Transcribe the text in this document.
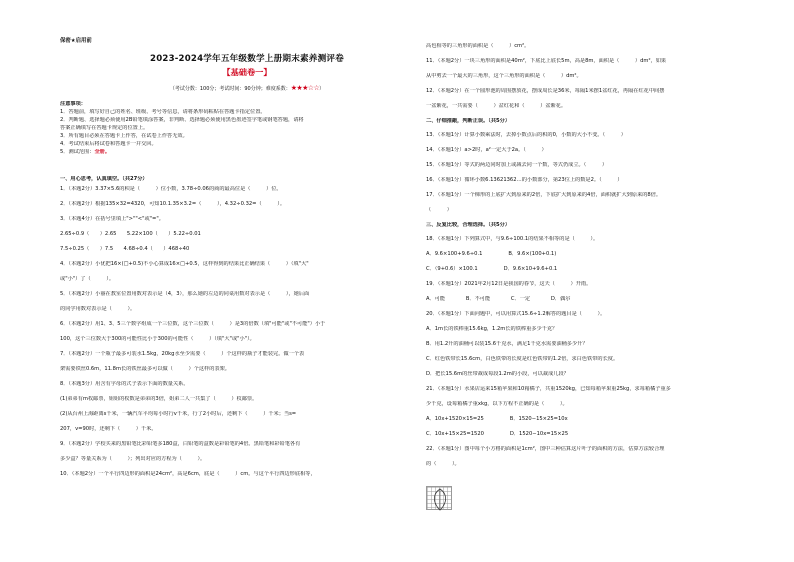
保密★启用前
2023-2024学年五年级数学上册期末素养测评卷
【基础卷一】
（考试分数：100分；考试时间：90分钟；难度系数：★★★☆☆）
注意事项：
1．答题前，填写好自己的姓名、班级、考号等信息，请将条形码粘贴在答题卡指定位置。
2．判断题、选择题必须使用2B铅笔填涂答案，非判断、选择题必须使用黑色墨迹签字笔或钢笔答题，请将
答案正确填写在答题卡规定的位置上。
3．所有题目必须在答题卡上作答，在试卷上作答无效。
4．考试结束后将试卷和答题卡一并交回。
5．测试范围：全册。
一、用心思考，认真填空。（共27分）
1．（本题2分）3.37×5.6的积是（　　　）位小数，3.78÷0.06的商的最高位是（　　　）位。
2．（本题2分）根据135×32=4320，可知10.1.35×3.2=（　　　），4.32÷0.32=（　　　）。
3．（本题4分）在括号里填上">""<"或"="。
2.65÷0.9（　　）2.65　　5.22×100（　　）5.22÷0.01
7.5÷0.25（　　）7.5　　4.68÷0.4（　　）468÷40
4．（本题2分）小优把16×(□+0.5)不小心算成16×□+0.5，这样得到的结果比正确结果（　　　）（填"大"
或"小"）了（　　　）。
5．（本题2分）小丽在教室位置用数对表示是（4，3），那么她的左边的同桌用数对表示是（　　　），她后面
的同学用数对表示是（　　　）。
6．（本题2分）用1、3、5三个数字组成一个三位数，这个三位数（　　　）是3的倍数（填"可能"或"不可能"）小于
100，这个三位数大于300的可能性比小于300的可能性（　　　）（填"大"或"小"）。
7．（本题2分）一个瓶子最多可装水1.5kg，20kg水至少需要（　　　）个这样的瓶子才能装完。做一个表
架需要铁丝0.6m，11.8m长的铁丝最多可以做（　　　）个这样的表架。
8．（本题3分）用含有字母的式子表示下面的数量关系。
(1)弟弟有m枚邮票，姐姐的枚数是弟弟的3倍，姐弟二人一共集了（　　　）枚邮票。
(2)从台州上海距离s千米，一辆汽车平均每小时行v千米，行了2小时后，还剩下（　　　）千米；当s=
207，v=90时，还剩下（　　　）千米。
9．（本题2分）学校买来的黑铅笔比彩铅笔多180盒，白铅笔的盒数是彩铅笔的4倍。黑铅笔和彩铅笔各有
多少盒？等量关系为（　　　）；列出对应的方程为（　　　）。
10．（本题2分）一个平行四边形的面积是24cm²，高是6cm，底是（　　　）cm。与这个平行四边形底相等，
高也相等的三角形的面积是（　　　）cm²。
11．（本题2分）一块三角形的面积是40m²，下底比上底长5m，高是8m，面积是（　　　）dm²，如果
从中剪去一个最大的三角形，这个三角形的面积是（　　　）dm²。
12．（本题2分）在一个圆形池的周围摆放花，摆成周长是36米，每隔1米摆1盆红花，再隔在红花中间摆
一盆紫花，一共需要（　　　）盆红花和（　　　）盆紫花。
二、仔细推敲，判断正误。（共5分）
13．（本题1分）计算小数乘法时，去掉小数点后的积的0，小数的大小不变。（　　　）
14．（本题1分）a>2时，a²一定大于2a。（　　　）
15．（本题1分）等式的两边同时加上或减去同一个数，等式仍成立。（　　　）
16．（本题1分）循环小数6.13621362…的小数部分，第23位上的数是2。（　　　）
17．（本题1分）一个梯形的上底扩大到原来的2倍，下底扩大到原来的4倍，面积就扩大到原来的8倍。
（　　　）
三、反复比较，合理选择。（共5分）
18．（本题1分）下列算式中，与9.6÷100.1的结果不相等的是（　　　）。
A．9.6×100+9.6÷0.1　　　　　B．9.6×(100+0.1)
C．（9+0.6）×100.1　　　　　D．9.6×10+9.6+0.1
19．（本题1分）2021年2月12日是我国的春节，这天（　　　）开雨。
A．可能　　　　B．不可能　　　　C．一定　　　　D．偶尔
20．（本题1分）下面问题中，可以用算式15.6÷1.2解答的题目是（　　　）。
A．1m长的铁棒重15.6kg，1.2m长的铁棒重多少千克？
B．用1.2升的油桶可以装15.6千克水，满足1千克水需要油桶多少升？
C．红色铁带长15.6cm，白色铁带的长度是红色铁带的1.2倍，求白色铁带的长度。
D．把长15.6m的丝带裁成每段1.2m的小段，可以裁成几段？
21．（本题1分）水果店运来15箱苹果和10箱橘子，共重1520kg，已知每箱苹果重25kg，求每箱橘子重多
少千克，设每箱橘子重xkg，以下方程不正确的是（　　　）。
A．10x+1520×15=25　　　　　B．1520−15×25=10x
C．10x+15×25=1520　　　　　D．1520−10x=15×25
22．（本题1分）图中每个小方格的面积是1cm²，图中三种估算这片叶子的面积的方法，估算方法较合理
的（　　　）。
